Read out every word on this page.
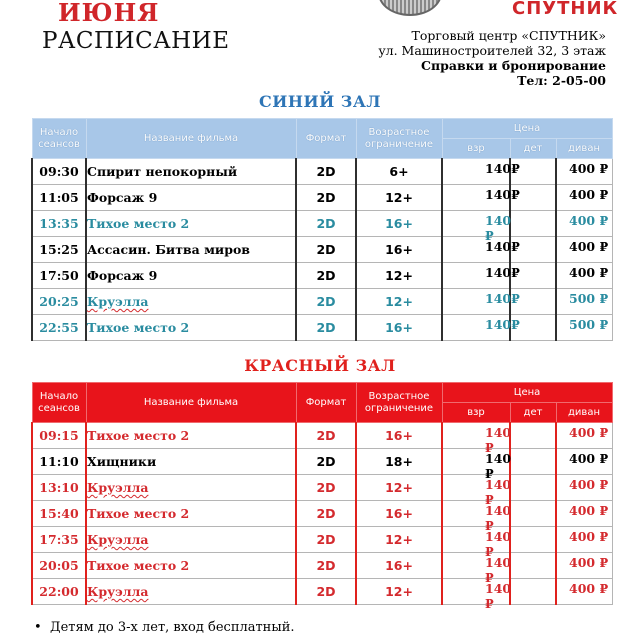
ИЮНЯ
РАСПИСАНИЕ
СПУТНИК
Торговый центр «СПУТНИК»
ул. Машиностроителей 32, 3 этаж
Справки и бронирование
Тел: 2-05-00
СИНИЙ ЗАЛ
Начало сеансов	Название фильма	Формат	Возрастное ограничение	Цена		
				взр	дет	диван
09:30	Спирит непокорный	2D	6+	140₽		400 ₽

11:05	Форсаж 9	2D	12+	140₽		400 ₽

13:35	Тихое место 2	2D	16+	140 ₽		400 ₽

15:25	Ассасин. Битва миров	2D	16+	140₽		400 ₽

17:50	Форсаж 9	2D	12+	140₽		400 ₽

20:25	Круэлла	2D	12+	140₽		500 ₽

22:55	Тихое место 2	2D	16+	140₽		500 ₽
КРАСНЫЙ ЗАЛ
Начало сеансов	Название фильма	Формат	Возрастное ограничение	Цена		
				взр	дет	диван
09:15	Тихое место 2	2D	16+	140 ₽		400 ₽

11:10	Хищники	2D	18+	140 ₽		400 ₽

13:10	Круэлла	2D	12+	140 ₽		400 ₽

15:40	Тихое место 2	2D	16+	140 ₽		400 ₽

17:35	Круэлла	2D	12+	140 ₽		400 ₽

20:05	Тихое место 2	2D	16+	140 ₽		400 ₽

22:00	Круэлла	2D	12+	140 ₽		400 ₽
• Детям до 3-х лет, вход бесплатный.
